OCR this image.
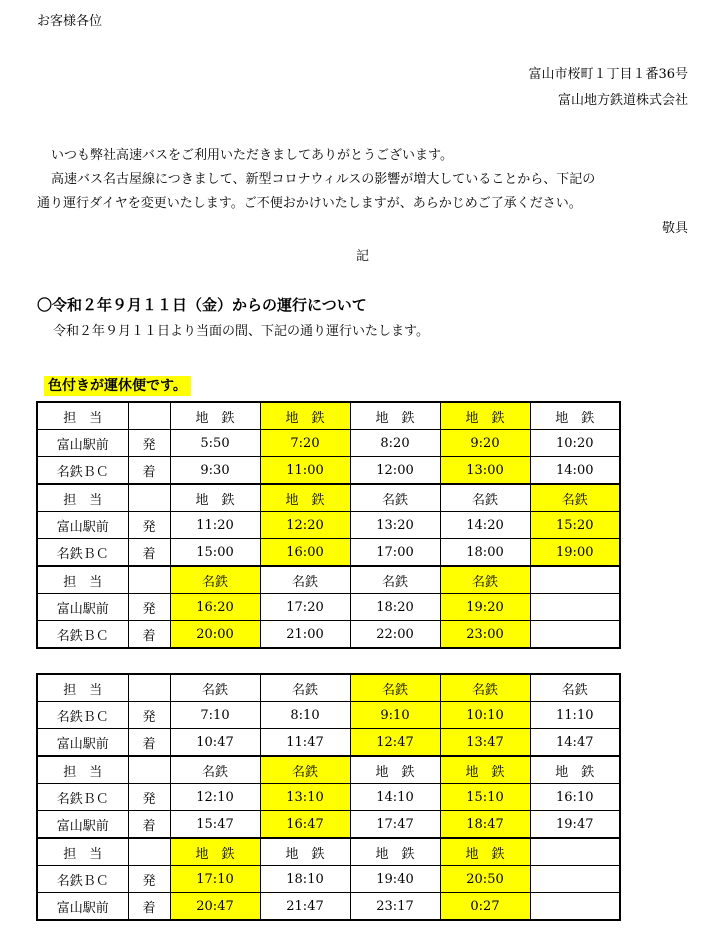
お客様各位
富山市桜町１丁目１番36号
富山地方鉄道株式会社
いつも弊社高速バスをご利用いただきましてありがとうございます。
高速バス名古屋線につきまして、新型コロナウィルスの影響が増大していることから、下記の
通り運行ダイヤを変更いたします。ご不便おかけいたしますが、あらかじめご了承ください。
敬具
記
〇令和２年９月１１日（金）からの運行について
令和２年９月１１日より当面の間、下記の通り運行いたします。
色付きが運休便です。
担　当		地　鉄	地　鉄	地　鉄	地　鉄	地　鉄
富山駅前	発	5:50	7:20	8:20	9:20	10:20
名鉄ＢＣ	着	9:30	11:00	12:00	13:00	14:00
担　当		地　鉄	地　鉄	名鉄	名鉄	名鉄
富山駅前	発	11:20	12:20	13:20	14:20	15:20
名鉄ＢＣ	着	15:00	16:00	17:00	18:00	19:00
担　当		名鉄	名鉄	名鉄	名鉄	
富山駅前	発	16:20	17:20	18:20	19:20	
名鉄ＢＣ	着	20:00	21:00	22:00	23:00	
担　当		名鉄	名鉄	名鉄	名鉄	名鉄
名鉄ＢＣ	発	7:10	8:10	9:10	10:10	11:10
富山駅前	着	10:47	11:47	12:47	13:47	14:47
担　当		名鉄	名鉄	地　鉄	地　鉄	地　鉄
名鉄ＢＣ	発	12:10	13:10	14:10	15:10	16:10
富山駅前	着	15:47	16:47	17:47	18:47	19:47
担　当		地　鉄	地　鉄	地　鉄	地　鉄	
名鉄ＢＣ	発	17:10	18:10	19:40	20:50	
富山駅前	着	20:47	21:47	23:17	0:27	
